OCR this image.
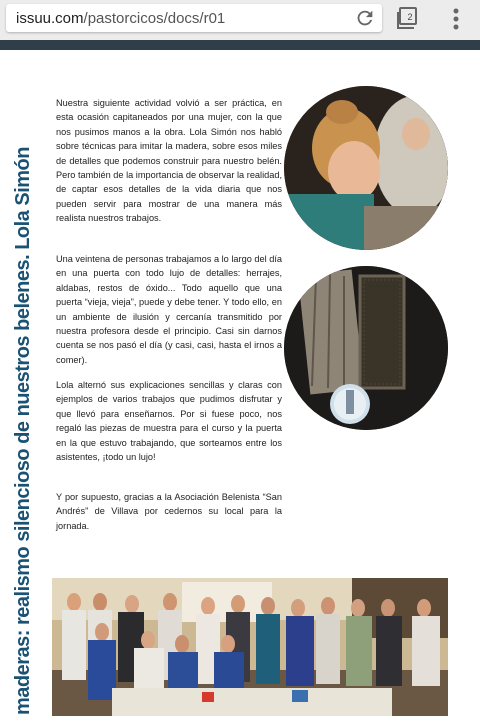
issuu.com/pastorcicos/docs/r01	2
maderas: realismo silencioso de nuestros belenes. Lola Simón
Nuestra siguiente actividad volvió a ser práctica, en esta ocasión capitaneados por una mujer, con la que nos pusimos manos a la obra. Lola Simón nos habló sobre técnicas para imitar la madera, sobre esos miles de detalles que podemos construir para nuestro belén. Pero también de la importancia de observar la realidad, de captar esos detalles de la vida diaria que nos pueden servir para mostrar de una manera más realista nuestros trabajos.
Una veintena de personas trabajamos a lo largo del día en una puerta con todo lujo de detalles: herrajes, aldabas, restos de óxido... Todo aquello que una puerta “vieja, vieja”, puede y debe tener. Y todo ello, en un ambiente de ilusión y cercanía transmitido por nuestra profesora desde el principio. Casi sin darnos cuenta se nos pasó el día (y casi, casi, hasta el irnos a comer).
Lola alternó sus explicaciones sencillas y claras con ejemplos de varios trabajos que pudimos disfrutar y que llevó para enseñarnos. Por si fuese poco, nos regaló las piezas de muestra para el curso y la puerta en la que estuvo trabajando, que sorteamos entre los asistentes, ¡todo un lujo!
Y por supuesto, gracias a la Asociación Belenista “San Andrés” de Villava por cedernos su local para la jornada.
